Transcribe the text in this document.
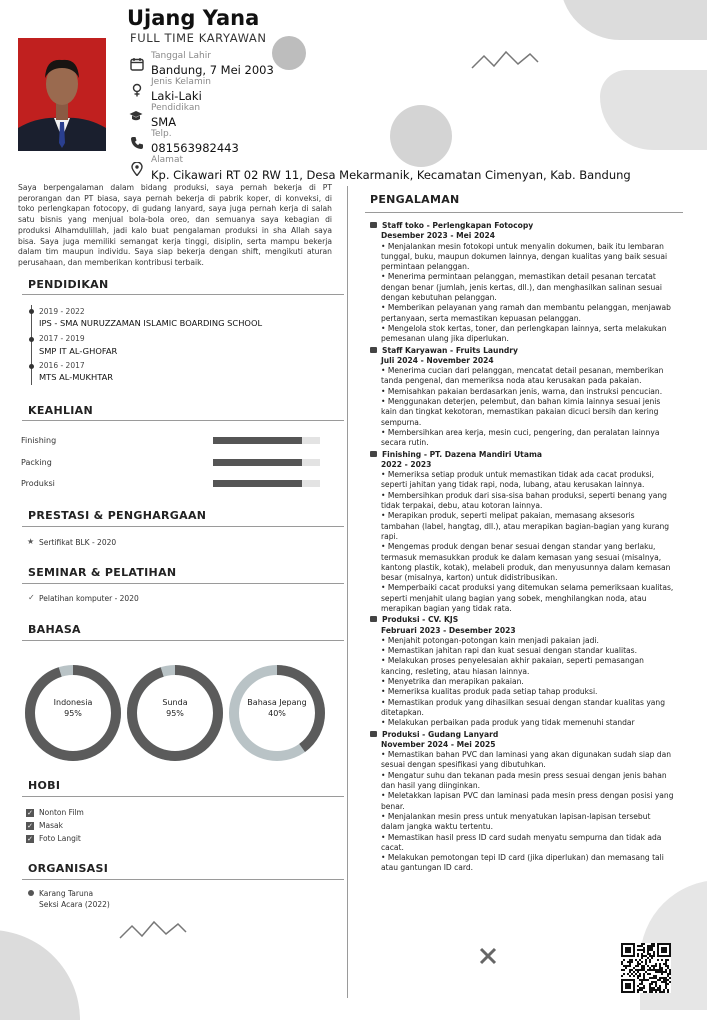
Ujang Yana
FULL TIME KARYAWAN
Tanggal Lahir
Bandung, 7 Mei 2003
Jenis Kelamin
Laki-Laki
Pendidikan
SMA
Telp.
081563982443
Alamat
Kp. Cikawari RT 02 RW 11, Desa Mekarmanik, Kecamatan Cimenyan, Kab. Bandung
Saya berpengalaman dalam bidang produksi, saya pernah bekerja di PT perorangan dan PT biasa, saya pernah bekerja di pabrik koper, di konveksi, di toko perlengkapan fotocopy, di gudang lanyard, saya juga pernah kerja di salah satu bisnis yang menjual bola-bola oreo, dan semuanya saya kebagian di produksi Alhamdulillah, jadi kalo buat pengalaman produksi in sha Allah saya bisa. Saya juga memiliki semangat kerja tinggi, disiplin, serta mampu bekerja dalam tim maupun individu. Saya siap bekerja dengan shift, mengikuti aturan perusahaan, dan memberikan kontribusi terbaik.
PENDIDIKAN
2019 - 2022
IPS - SMA NURUZZAMAN ISLAMIC BOARDING SCHOOL
2017 - 2019
SMP IT AL-GHOFAR
2016 - 2017
MTS AL-MUKHTAR
KEAHLIAN
Finishing
Packing
Produksi
PRESTASI & PENGHARGAAN
★ Sertifikat BLK - 2020
SEMINAR & PELATIHAN
✓ Pelatihan komputer - 2020
BAHASA
Indonesia
95%
Sunda
95%
Bahasa Jepang
40%
HOBI
✓ Nonton Film
✓ Masak
✓ Foto Langit
ORGANISASI
Karang Taruna
Seksi Acara (2022)
PENGALAMAN
Staff toko - Perlengkapan Fotocopy
Desember 2023 - Mei 2024
• Menjalankan mesin fotokopi untuk menyalin dokumen, baik itu lembaran tunggal, buku, maupun dokumen lainnya, dengan kualitas yang baik sesuai permintaan pelanggan.
• Menerima permintaan pelanggan, memastikan detail pesanan tercatat dengan benar (jumlah, jenis kertas, dll.), dan menghasilkan salinan sesuai dengan kebutuhan pelanggan.
• Memberikan pelayanan yang ramah dan membantu pelanggan, menjawab pertanyaan, serta memastikan kepuasan pelanggan.
• Mengelola stok kertas, toner, dan perlengkapan lainnya, serta melakukan pemesanan ulang jika diperlukan.
Staff Karyawan - Fruits Laundry
Juli 2024 - November 2024
• Menerima cucian dari pelanggan, mencatat detail pesanan, memberikan tanda pengenal, dan memeriksa noda atau kerusakan pada pakaian.
• Memisahkan pakaian berdasarkan jenis, warna, dan instruksi pencucian.
• Menggunakan deterjen, pelembut, dan bahan kimia lainnya sesuai jenis kain dan tingkat kekotoran, memastikan pakaian dicuci bersih dan kering sempurna.
• Membersihkan area kerja, mesin cuci, pengering, dan peralatan lainnya secara rutin.
Finishing - PT. Dazena Mandiri Utama
2022 - 2023
• Memeriksa setiap produk untuk memastikan tidak ada cacat produksi, seperti jahitan yang tidak rapi, noda, lubang, atau kerusakan lainnya.
• Membersihkan produk dari sisa-sisa bahan produksi, seperti benang yang tidak terpakai, debu, atau kotoran lainnya.
• Merapikan produk, seperti melipat pakaian, memasang aksesoris tambahan (label, hangtag, dll.), atau merapikan bagian-bagian yang kurang rapi.
• Mengemas produk dengan benar sesuai dengan standar yang berlaku, termasuk memasukkan produk ke dalam kemasan yang sesuai (misalnya, kantong plastik, kotak), melabeli produk, dan menyusunnya dalam kemasan besar (misalnya, karton) untuk didistribusikan.
• Memperbaiki cacat produksi yang ditemukan selama pemeriksaan kualitas, seperti menjahit ulang bagian yang sobek, menghilangkan noda, atau merapikan bagian yang tidak rata.
Produksi - CV. KJS
Februari 2023 - Desember 2023
• Menjahit potongan-potongan kain menjadi pakaian jadi.
• Memastikan jahitan rapi dan kuat sesuai dengan standar kualitas.
• Melakukan proses penyelesaian akhir pakaian, seperti pemasangan kancing, resleting, atau hiasan lainnya.
• Menyetrika dan merapikan pakaian.
• Memeriksa kualitas produk pada setiap tahap produksi.
• Memastikan produk yang dihasilkan sesuai dengan standar kualitas yang ditetapkan.
• Melakukan perbaikan pada produk yang tidak memenuhi standar
Produksi - Gudang Lanyard
November 2024 - Mei 2025
• Memastikan bahan PVC dan laminasi yang akan digunakan sudah siap dan sesuai dengan spesifikasi yang dibutuhkan.
• Mengatur suhu dan tekanan pada mesin press sesuai dengan jenis bahan dan hasil yang diinginkan.
• Meletakkan lapisan PVC dan laminasi pada mesin press dengan posisi yang benar.
• Menjalankan mesin press untuk menyatukan lapisan-lapisan tersebut dalam jangka waktu tertentu.
• Memastikan hasil press ID card sudah menyatu sempurna dan tidak ada cacat.
• Melakukan pemotongan tepi ID card (jika diperlukan) dan memasang tali atau gantungan ID card.
